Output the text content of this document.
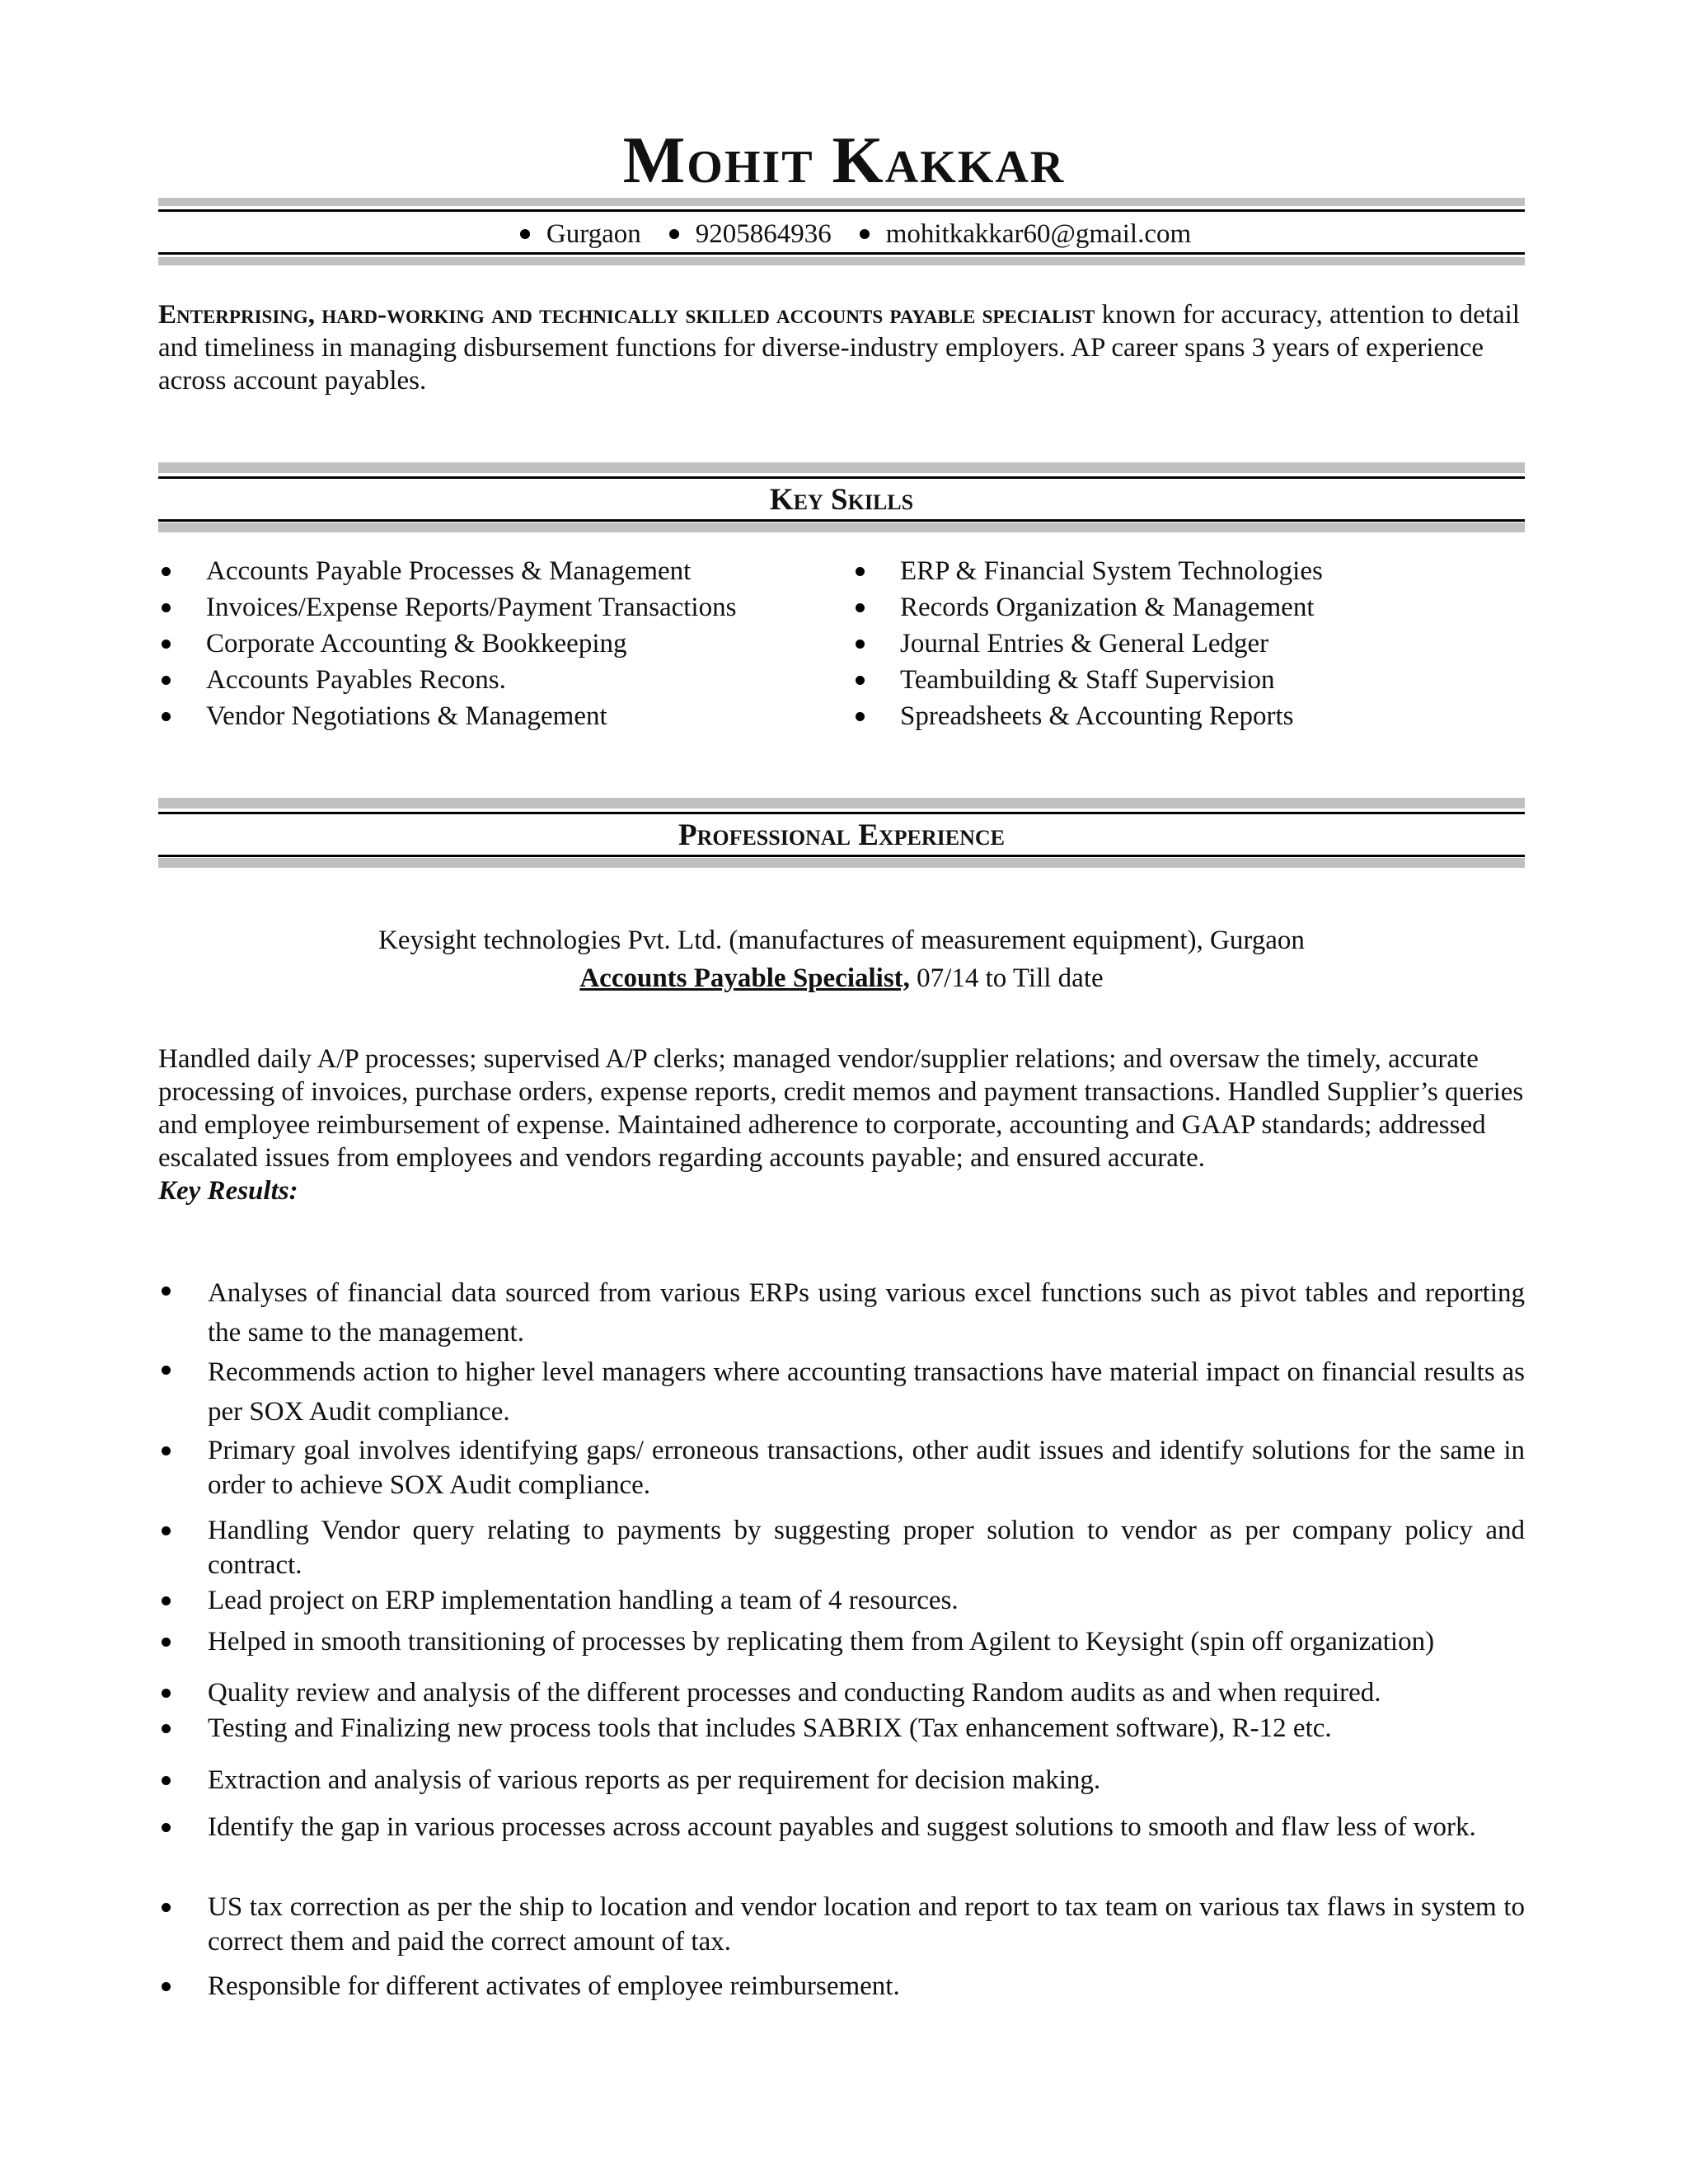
Mohit Kakkar
Gurgaon 9205864936 mohitkakkar60@gmail.com
Enterprising, hard-working and technically skilled accounts payable specialist known for accuracy, attention to detail and timeliness in managing disbursement functions for diverse-industry employers. AP career spans 3 years of experience across account payables.
Key Skills
Accounts Payable Processes & Management
Invoices/Expense Reports/Payment Transactions
Corporate Accounting & Bookkeeping
Accounts Payables Recons.
Vendor Negotiations & Management
ERP & Financial System Technologies
Records Organization & Management
Journal Entries & General Ledger
Teambuilding & Staff Supervision
Spreadsheets & Accounting Reports
Professional Experience
Keysight technologies Pvt. Ltd. (manufactures of measurement equipment), Gurgaon
Accounts Payable Specialist, 07/14 to Till date
Handled daily A/P processes; supervised A/P clerks; managed vendor/supplier relations; and oversaw the timely, accurate processing of invoices, purchase orders, expense reports, credit memos and payment transactions. Handled Supplier’s queries and employee reimbursement of expense. Maintained adherence to corporate, accounting and GAAP standards; addressed escalated issues from employees and vendors regarding accounts payable; and ensured accurate.
Key Results:
Analyses of financial data sourced from various ERPs using various excel functions such as pivot tables and reporting the same to the management.
Recommends action to higher level managers where accounting transactions have material impact on financial results as per SOX Audit compliance.
Primary goal involves identifying gaps/ erroneous transactions, other audit issues and identify solutions for the same in order to achieve SOX Audit compliance.
Handling Vendor query relating to payments by suggesting proper solution to vendor as per company policy and contract.
Lead project on ERP implementation handling a team of 4 resources.
Helped in smooth transitioning of processes by replicating them from Agilent to Keysight (spin off organization)
Quality review and analysis of the different processes and conducting Random audits as and when required.
Testing and Finalizing new process tools that includes SABRIX (Tax enhancement software), R-12 etc.
Extraction and analysis of various reports as per requirement for decision making.
Identify the gap in various processes across account payables and suggest solutions to smooth and flaw less of work.
US tax correction as per the ship to location and vendor location and report to tax team on various tax flaws in system to correct them and paid the correct amount of tax.
Responsible for different activates of employee reimbursement.
